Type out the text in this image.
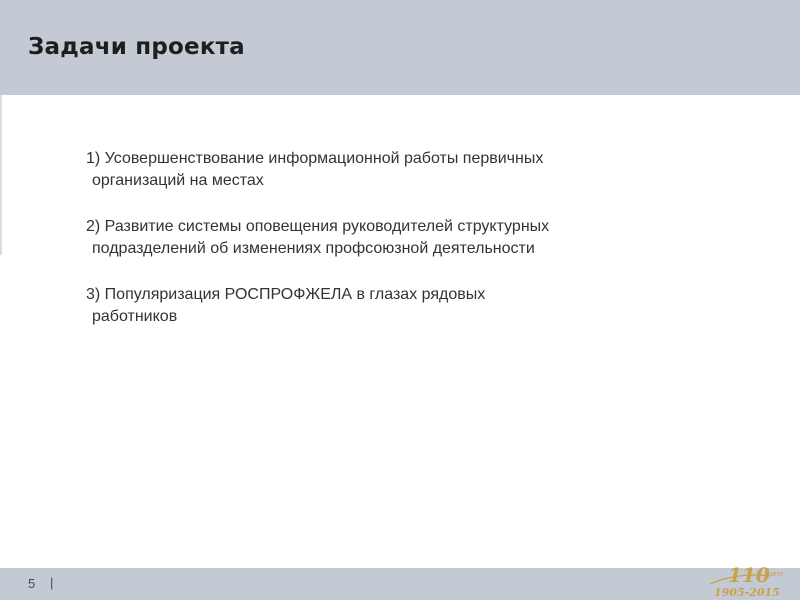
Задачи проекта
1) Усовершенствование информационной работы первичных
организаций на местах
2) Развитие системы оповещения руководителей структурных
подразделений об изменениях профсоюзной деятельности
3) Популяризация РОСПРОФЖЕЛА в глазах рядовых
работников
5 |	110
лет
1905-2015
